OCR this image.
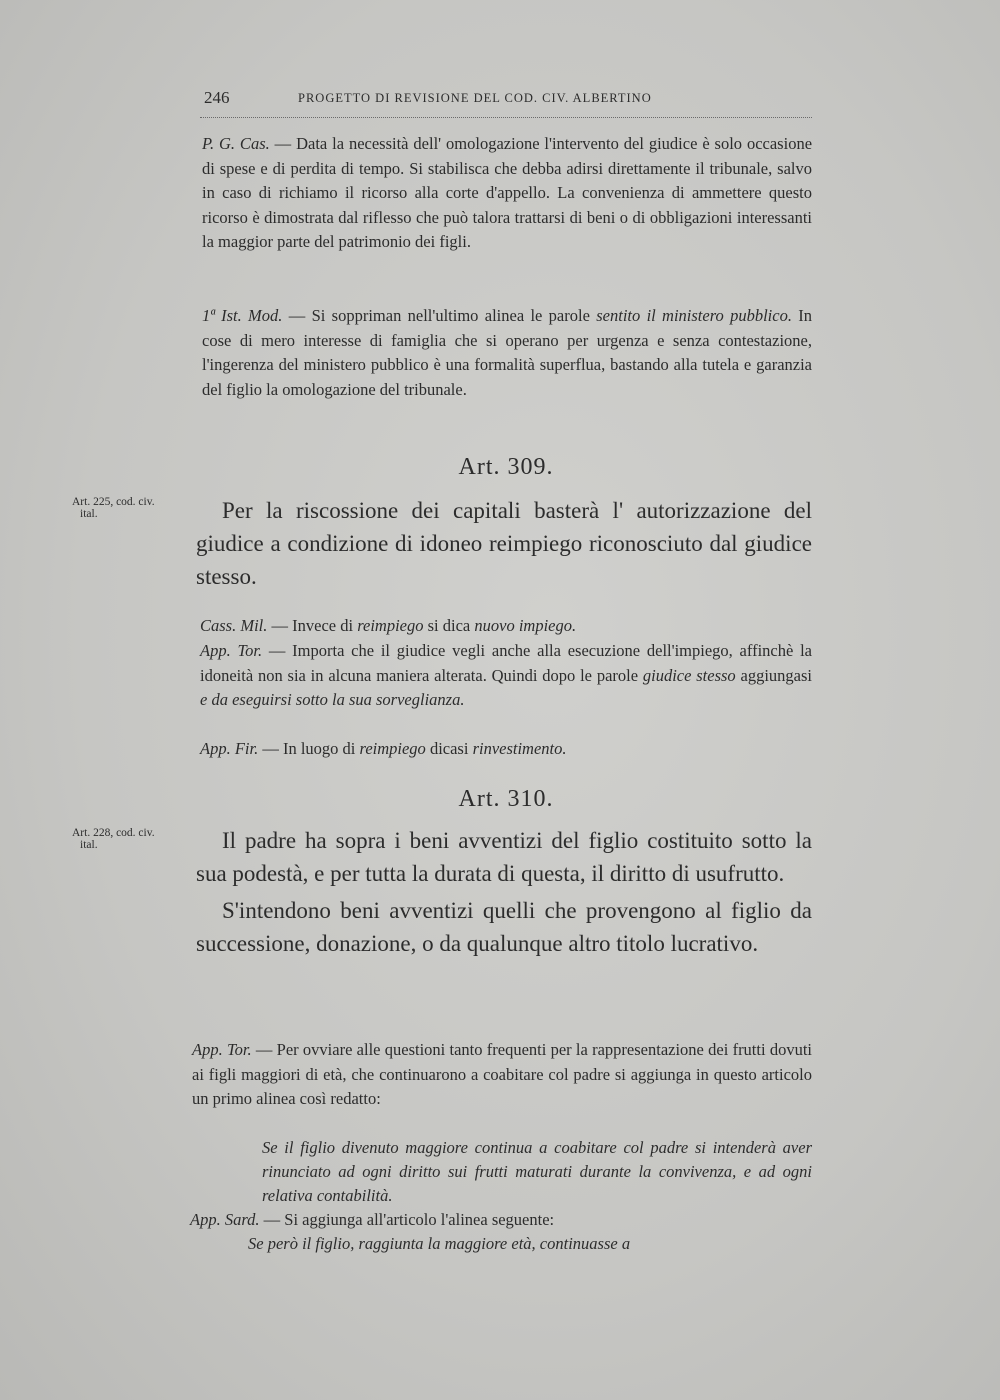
246	PROGETTO DI REVISIONE DEL COD. CIV. ALBERTINO
P. G. Cas. — Data la necessità dell' omologazione l'intervento del giudice è solo occasione di spese e di perdita di tempo. Si stabilisca che debba adirsi direttamente il tribunale, salvo in caso di richiamo il ricorso alla corte d'appello. La convenienza di ammettere questo ricorso è dimostrata dal riflesso che può talora trattarsi di beni o di obbligazioni interessanti la maggior parte del patrimonio dei figli.
1ª Ist. Mod. — Si soppriman nell'ultimo alinea le parole sentito il ministero pubblico. In cose di mero interesse di famiglia che si operano per urgenza e senza contestazione, l'ingerenza del ministero pubblico è una formalità superflua, bastando alla tutela e garanzia del figlio la omologazione del tribunale.
Art. 309.
Art. 225, cod. civ.
ital.	Per la riscossione dei capitali basterà l' autorizzazione del giudice a condizione di idoneo reimpiego riconosciuto dal giudice stesso.

Cass. Mil. — Invece di reimpiego si dica nuovo impiego.
App. Tor. — Importa che il giudice vegli anche alla esecuzione dell'impiego, affinchè la idoneità non sia in alcuna maniera alterata. Quindi dopo le parole giudice stesso aggiungasi e da eseguirsi sotto la sua sorveglianza.
App. Fir. — In luogo di reimpiego dicasi rinvestimento.
Art. 310.
Art. 228, cod. civ.
ital.	Il padre ha sopra i beni avventizi del figlio costituito sotto la sua podestà, e per tutta la durata di questa, il diritto di usufrutto.

S'intendono beni avventizi quelli che provengono al figlio da successione, donazione, o da qualunque altro titolo lucrativo.

App. Tor. — Per ovviare alle questioni tanto frequenti per la rappresentazione dei frutti dovuti ai figli maggiori di età, che continuarono a coabitare col padre si aggiunga in questo articolo un primo alinea così redatto:
Se il figlio divenuto maggiore continua a coabitare col padre si intenderà aver rinunciato ad ogni diritto sui frutti maturati durante la convivenza, e ad ogni relativa contabilità.
App. Sard. — Si aggiunga all'articolo l'alinea seguente:
Se però il figlio, raggiunta la maggiore età, continuasse a
